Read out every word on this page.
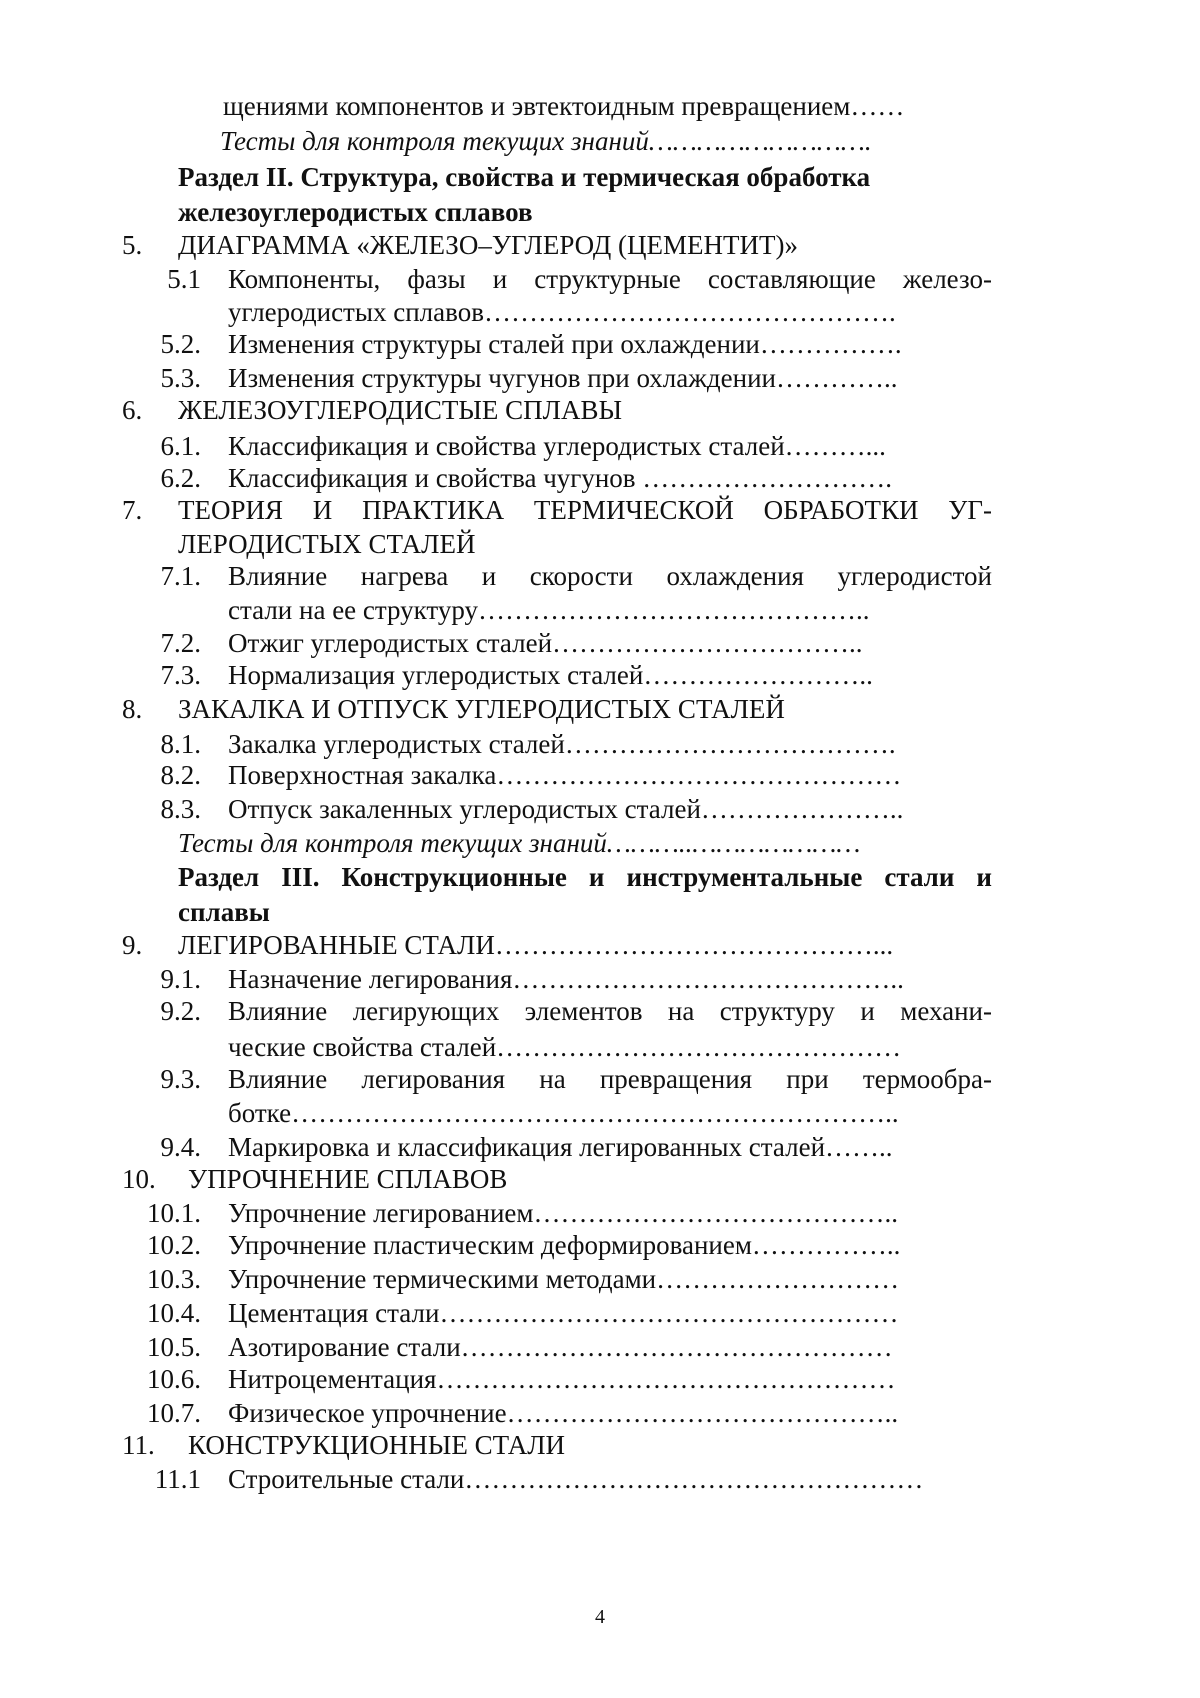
щениями компонентов и эвтектоидным превращением……
Тесты для контроля текущих знаний……………………….
Раздел II. Структура, свойства и термическая обработка
железоуглеродистых сплавов
5. ДИАГРАММА «ЖЕЛЕЗО–УГЛЕРОД (ЦЕМЕНТИТ)»
5.1 Компоненты, фазы и структурные составляющие железо-
углеродистых сплавов……………………………………….
5.2. Изменения структуры сталей при охлаждении…………….
5.3. Изменения структуры чугунов при охлаждении…………..
6. ЖЕЛЕЗОУГЛЕРОДИСТЫЕ СПЛАВЫ
6.1. Классификация и свойства углеродистых сталей………...
6.2. Классификация и свойства чугунов ……………………….
7. ТЕОРИЯ И ПРАКТИКА ТЕРМИЧЕСКОЙ ОБРАБОТКИ УГ-
ЛЕРОДИСТЫХ СТАЛЕЙ
7.1. Влияние нагрева и скорости охлаждения углеродистой
стали на ее структуру……………………………………..
7.2. Отжиг углеродистых сталей……………………………..
7.3. Нормализация углеродистых сталей……………………..
8. ЗАКАЛКА И ОТПУСК УГЛЕРОДИСТЫХ СТАЛЕЙ
8.1. Закалка углеродистых сталей……………………………….
8.2. Поверхностная закалка………………………………………
8.3. Отпуск закаленных углеродистых сталей…………………..
Тесты для контроля текущих знаний………..…………………
Раздел III. Конструкционные и инструментальные стали и
сплавы
9. ЛЕГИРОВАННЫЕ СТАЛИ……………………………………...
9.1. Назначение легирования……………………………………..
9.2. Влияние легирующих элементов на структуру и механи-
ческие свойства сталей………………………………………
9.3. Влияние легирования на превращения при термообра-
ботке…………………………………………………………..
9.4. Маркировка и классификация легированных сталей……..
10. УПРОЧНЕНИЕ СПЛАВОВ
10.1. Упрочнение легированием…………………………………..
10.2. Упрочнение пластическим деформированием……………..
10.3. Упрочнение термическими методами………………………
10.4. Цементация стали……………………………………………
10.5. Азотирование стали…………………………………………
10.6. Нитроцементация……………………………………………
10.7. Физическое упрочнение……………………………………..
11. КОНСТРУКЦИОННЫЕ СТАЛИ
11.1 Строительные стали……………………………………………
4
